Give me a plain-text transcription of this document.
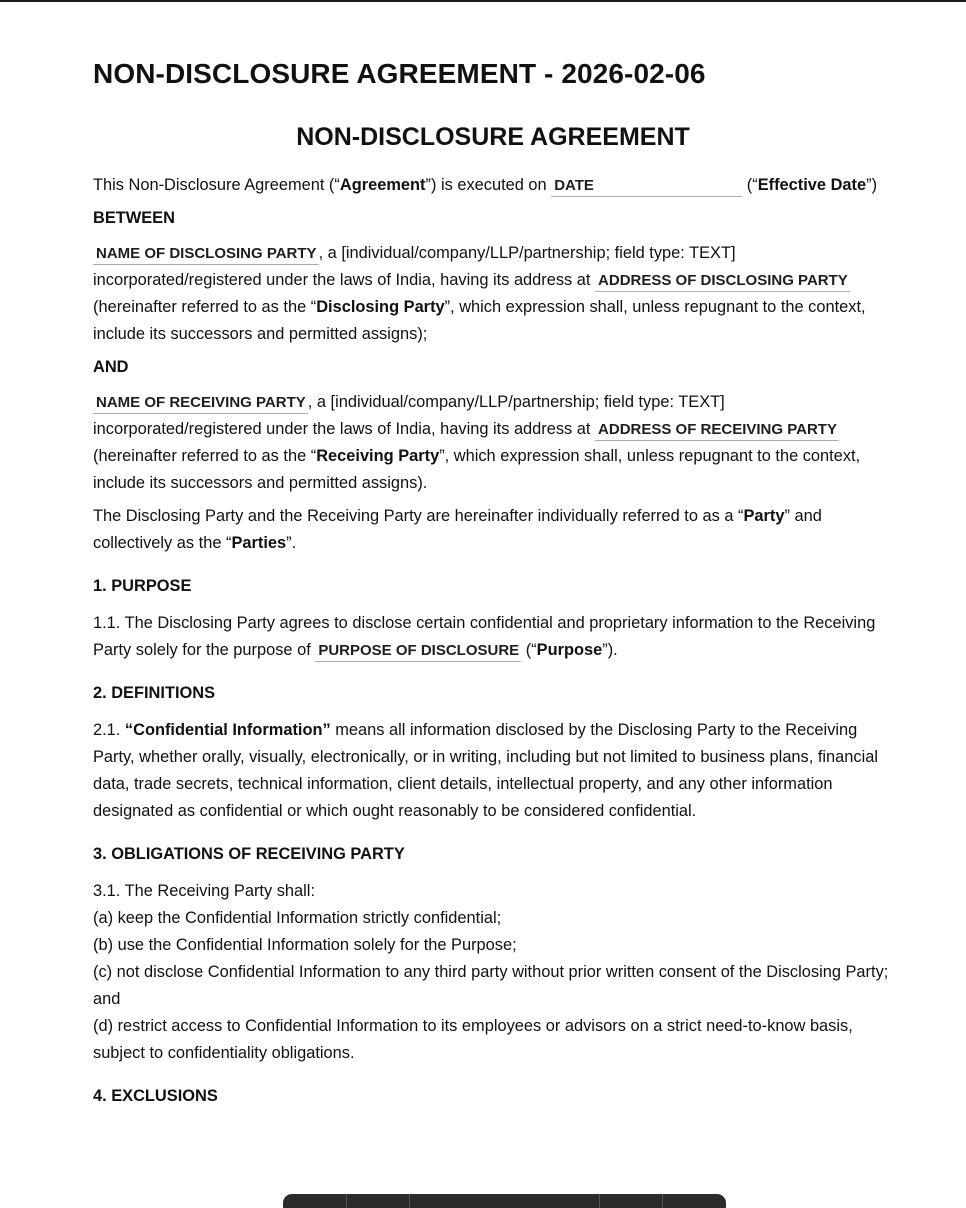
NON-DISCLOSURE AGREEMENT - 2026-02-06
NON-DISCLOSURE AGREEMENT

This Non-Disclosure Agreement (“Agreement”) is executed on DATE	(“Effective Date”)

BETWEEN

NAME OF DISCLOSING PARTY , a [individual/company/LLP/partnership; field type: TEXT] incorporated/registered under the laws of India, having its address at ADDRESS OF DISCLOSING PARTY (hereinafter referred to as the “Disclosing Party”, which expression shall, unless repugnant to the context, include its successors and permitted assigns);

AND

NAME OF RECEIVING PARTY , a [individual/company/LLP/partnership; field type: TEXT] incorporated/registered under the laws of India, having its address at ADDRESS OF RECEIVING PARTY (hereinafter referred to as the “Receiving Party”, which expression shall, unless repugnant to the context, include its successors and permitted assigns).

The Disclosing Party and the Receiving Party are hereinafter individually referred to as a “Party” and collectively as the “Parties”.

1. PURPOSE

1.1. The Disclosing Party agrees to disclose certain confidential and proprietary information to the Receiving Party solely for the purpose of PURPOSE OF DISCLOSURE (“Purpose”).

2. DEFINITIONS

2.1. “Confidential Information” means all information disclosed by the Disclosing Party to the Receiving Party, whether orally, visually, electronically, or in writing, including but not limited to business plans, financial data, trade secrets, technical information, client details, intellectual property, and any other information designated as confidential or which ought reasonably to be considered confidential.

3. OBLIGATIONS OF RECEIVING PARTY

3.1. The Receiving Party shall:
(a) keep the Confidential Information strictly confidential;
(b) use the Confidential Information solely for the Purpose;
(c) not disclose Confidential Information to any third party without prior written consent of the Disclosing Party; and
(d) restrict access to Confidential Information to its employees or advisors on a strict need-to-know basis, subject to confidentiality obligations.

4. EXCLUSIONS
